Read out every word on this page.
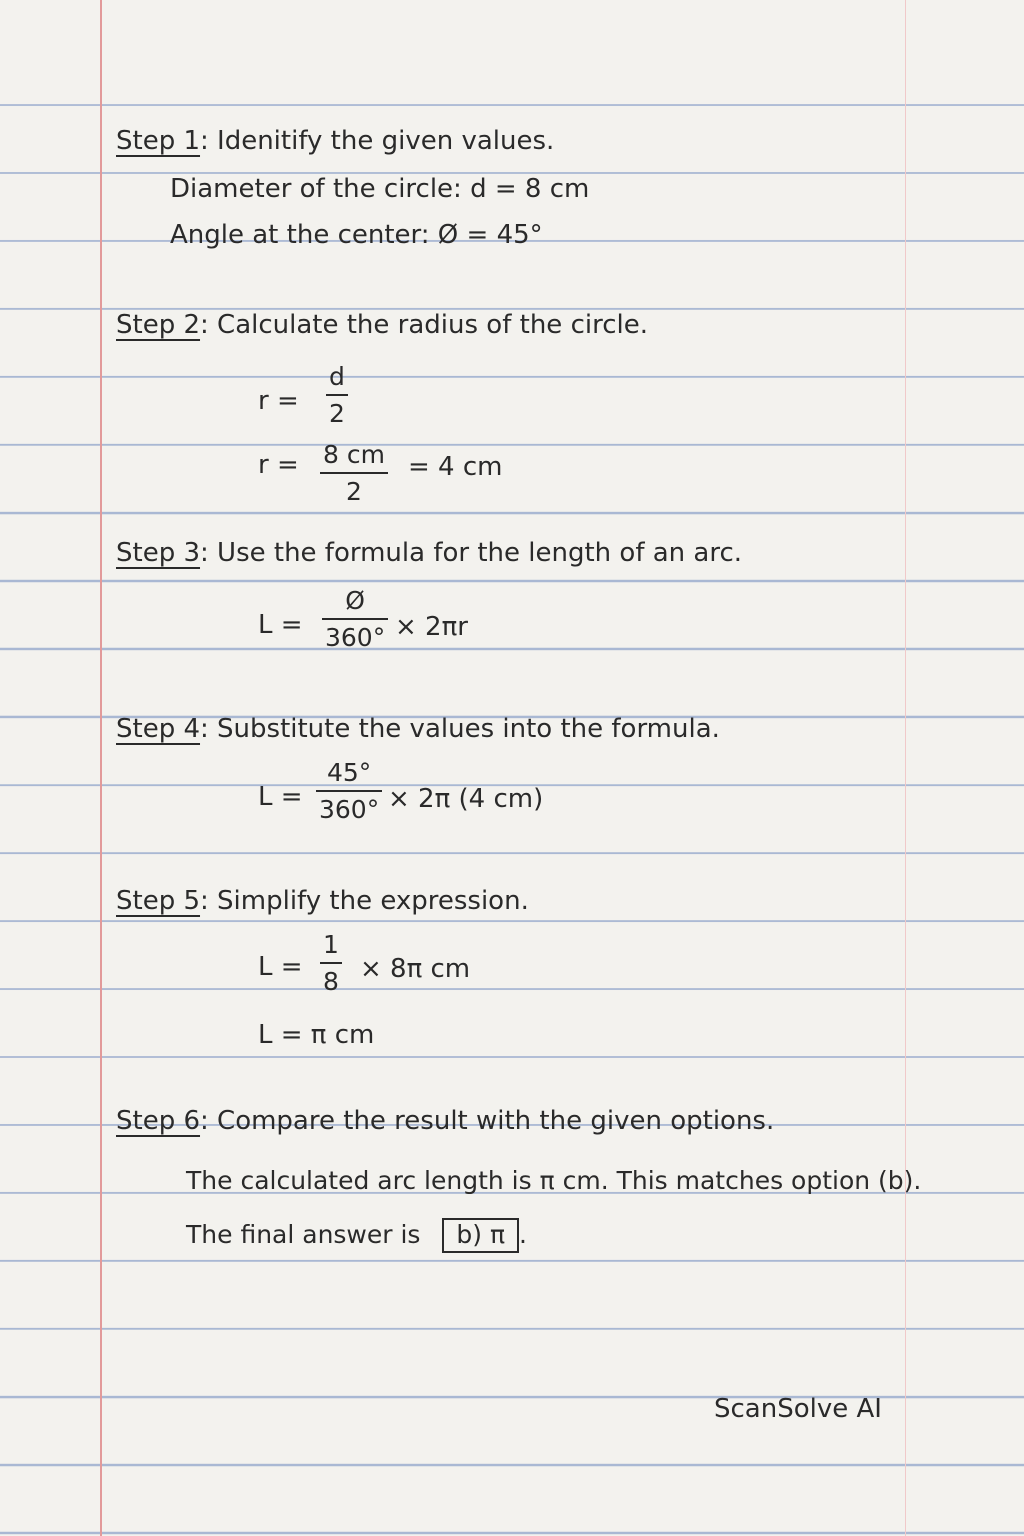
Step 1: Idenitify the given values.
Diameter of the circle: d = 8 cm
Angle at the center: Ø = 45°
Step 2: Calculate the radius of the circle.
$r = \frac{d}{2}$
$r = \frac{8 cm}{2} = 4$ cm
Step 3: Use the formula for the length of an arc.
$L = \frac{Ø}{360^\circ} \times 2\pi r$
Step 4: Substitute the values into the formula.
$L = \frac{45^\circ}{360^\circ} \times 2\pi$ (4 cm)
Step 5: Simplify the expression.
$L = \frac{1}{8} \times 8\pi$ cm
L = π cm
Step 6: Compare the result with the given options.
The calculated arc length is π cm. This matches option (b).
The final answer is b) π .
ScanSolve AI
